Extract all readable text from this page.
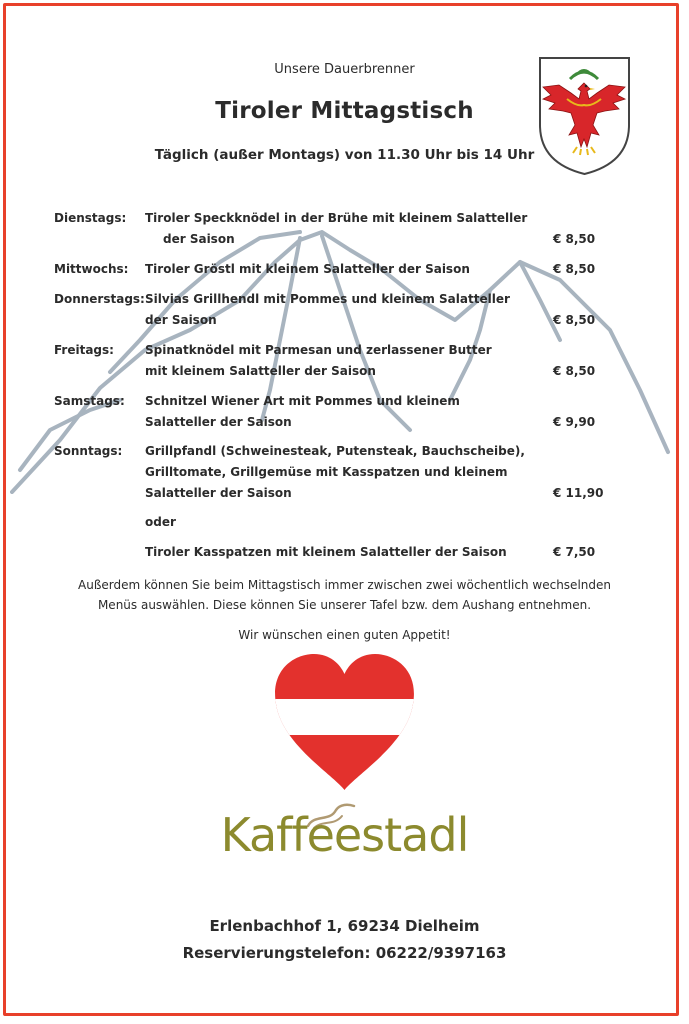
Unsere Dauerbrenner
Tiroler Mittagstisch
Täglich (außer Montags) von 11.30 Uhr bis 14 Uhr
Dienstags: Tiroler Speckknödel in der Brühe mit kleinem Salatteller
der Saison	€ 8,50
Mittwochs: Tiroler Gröstl mit kleinem Salatteller der Saison	€ 8,50
Donnerstags: Silvias Grillhendl mit Pommes und kleinem Salatteller
der Saison	€ 8,50
Freitags:	Spinatknödel mit Parmesan und zerlassener Butter
mit kleinem Salatteller der Saison	€ 8,50
Samstags: Schnitzel Wiener Art mit Pommes und kleinem
Salatteller der Saison	€ 9,90
Sonntags: Grillpfandl (Schweinesteak, Putensteak, Bauchscheibe),
Grilltomate, Grillgemüse mit Kasspatzen und kleinem
Salatteller der Saison	€ 11,90
oder
Tiroler Kasspatzen mit kleinem Salatteller der Saison	€ 7,50
Außerdem können Sie beim Mittagstisch immer zwischen zwei wöchentlich wechselnden
Menüs auswählen. Diese können Sie unserer Tafel bzw. dem Aushang entnehmen.
Wir wünschen einen guten Appetit!
Kaffeestadl
Erlenbachhof 1, 69234 Dielheim
Reservierungstelefon: 06222/9397163
